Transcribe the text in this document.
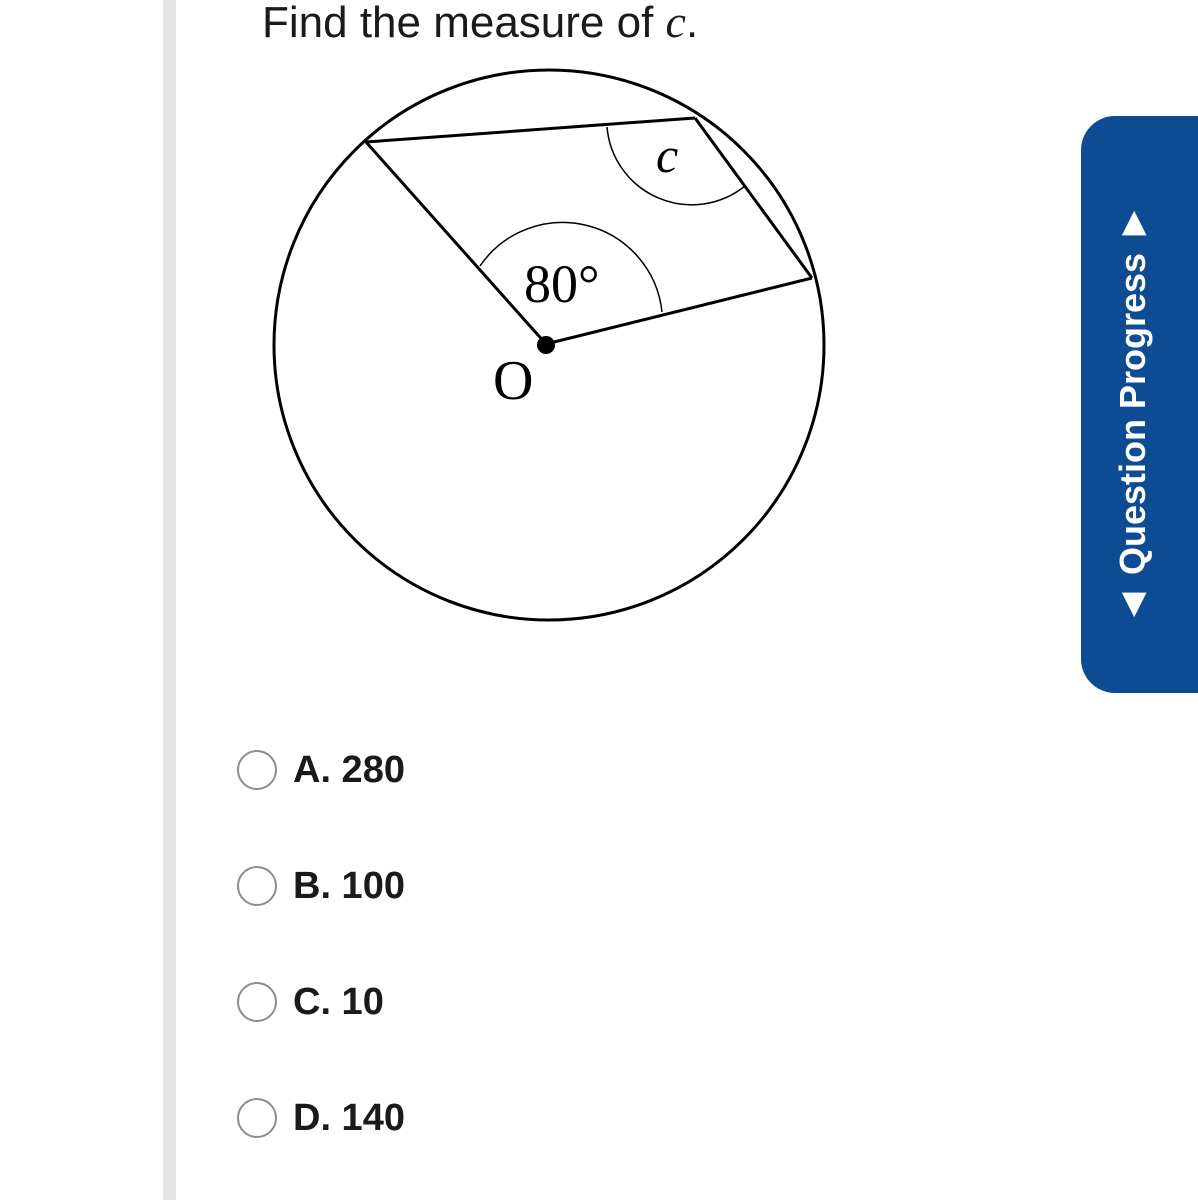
Find the measure of c.
80°
c
O
A. 280
B. 100
C. 10
D. 140
◀
Question Progress
▶
